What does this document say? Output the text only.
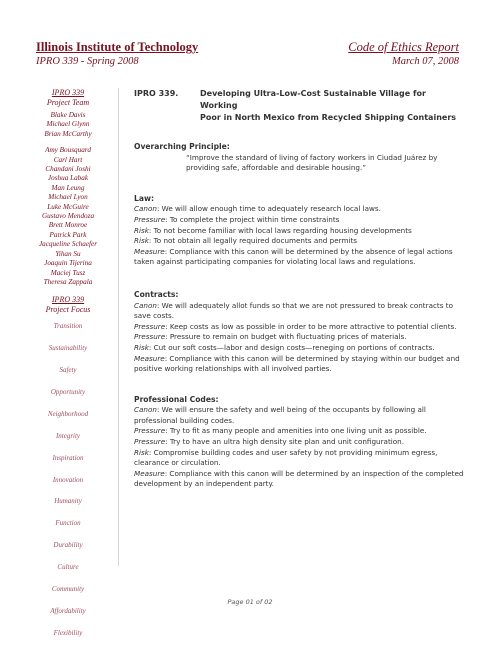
Illinois Institute of Technology
IPRO 339 - Spring 2008
Code of Ethics Report
March 07, 2008
IPRO 339
Project Team
Blake Davis
Michael Glynn
Brian McCarthy
Amy Bousquard
Carl Hart
Chandani Joshi
Joshua Labak
Man Leung
Michael Lyon
Luke McGuire
Gustavo Mendoza
Brett Monroe
Patrick Park
Jacqueline Schaefer
Yihan Su
Joaquin Tijerina
Maciej Tusz
Theresa Zappala
IPRO 339
Project Focus
Transition
Sustainability
Safety
Opportunity
Neighborhood
Integrity
Inspiration
Innovation
Humanity
Function
Durability
Culture
Community
Affordability
Flexibility
IPRO 339.	Developing Ultra-Low-Cost Sustainable Village for Working
Poor in North Mexico from Recycled Shipping Containers
Overarching Principle:
“Improve the standard of living of factory workers in Ciudad Juárez by providing safe, affordable and desirable housing.”
Law:
Canon: We will allow enough time to adequately research local laws.
Pressure: To complete the project within time constraints
Risk: To not become familiar with local laws regarding housing developments
Risk: To not obtain all legally required documents and permits
Measure: Compliance with this canon will be determined by the absence of legal actions taken against participating companies for violating local laws and regulations.
Contracts:
Canon: We will adequately allot funds so that we are not pressured to break contracts to save costs.
Pressure: Keep costs as low as possible in order to be more attractive to potential clients.
Pressure: Pressure to remain on budget with fluctuating prices of materials.
Risk: Cut our soft costs—labor and design costs—reneging on portions of contracts.
Measure: Compliance with this canon will be determined by staying within our budget and positive working relationships with all involved parties.
Professional Codes:
Canon: We will ensure the safety and well being of the occupants by following all professional building codes.
Pressure: Try to fit as many people and amenities into one living unit as possible.
Pressure: Try to have an ultra high density site plan and unit configuration.
Risk: Compromise building codes and user safety by not providing minimum egress, clearance or circulation.
Measure: Compliance with this canon will be determined by an inspection of the completed development by an independent party.
Page 01 of 02
